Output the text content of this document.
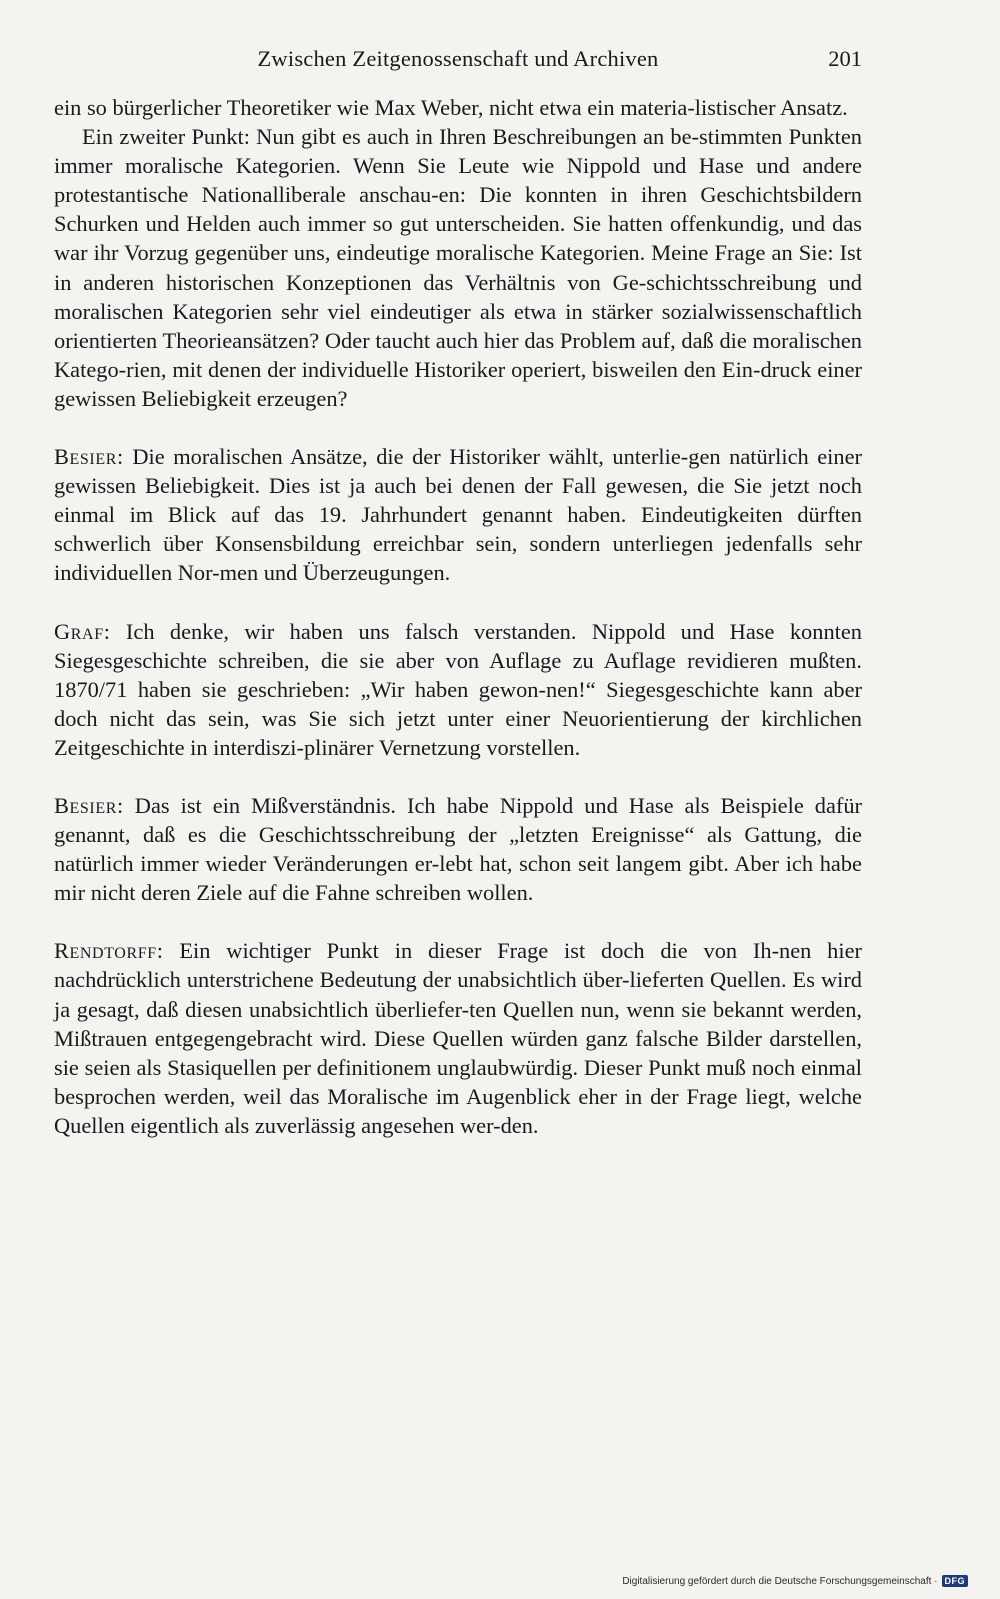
Zwischen Zeitgenossenschaft und Archiven	201

ein so bürgerlicher Theoretiker wie Max Weber, nicht etwa ein materia-listischer Ansatz.

Ein zweiter Punkt: Nun gibt es auch in Ihren Beschreibungen an be-stimmten Punkten immer moralische Kategorien. Wenn Sie Leute wie Nippold und Hase und andere protestantische Nationalliberale anschau-en: Die konnten in ihren Geschichtsbildern Schurken und Helden auch immer so gut unterscheiden. Sie hatten offenkundig, und das war ihr Vorzug gegenüber uns, eindeutige moralische Kategorien. Meine Frage an Sie: Ist in anderen historischen Konzeptionen das Verhältnis von Ge-schichtsschreibung und moralischen Kategorien sehr viel eindeutiger als etwa in stärker sozialwissenschaftlich orientierten Theorieansätzen? Oder taucht auch hier das Problem auf, daß die moralischen Katego-rien, mit denen der individuelle Historiker operiert, bisweilen den Ein-druck einer gewissen Beliebigkeit erzeugen?

Besier: Die moralischen Ansätze, die der Historiker wählt, unterlie-gen natürlich einer gewissen Beliebigkeit. Dies ist ja auch bei denen der Fall gewesen, die Sie jetzt noch einmal im Blick auf das 19. Jahrhundert genannt haben. Eindeutigkeiten dürften schwerlich über Konsensbildung erreichbar sein, sondern unterliegen jedenfalls sehr individuellen Nor-men und Überzeugungen.

Graf: Ich denke, wir haben uns falsch verstanden. Nippold und Hase konnten Siegesgeschichte schreiben, die sie aber von Auflage zu Auflage revidieren mußten. 1870/71 haben sie geschrieben: „Wir haben gewon-nen!“ Siegesgeschichte kann aber doch nicht das sein, was Sie sich jetzt unter einer Neuorientierung der kirchlichen Zeitgeschichte in interdiszi-plinärer Vernetzung vorstellen.

Besier: Das ist ein Mißverständnis. Ich habe Nippold und Hase als Beispiele dafür genannt, daß es die Geschichtsschreibung der „letzten Ereignisse“ als Gattung, die natürlich immer wieder Veränderungen er-lebt hat, schon seit langem gibt. Aber ich habe mir nicht deren Ziele auf die Fahne schreiben wollen.

Rendtorff: Ein wichtiger Punkt in dieser Frage ist doch die von Ih-nen hier nachdrücklich unterstrichene Bedeutung der unabsichtlich über-lieferten Quellen. Es wird ja gesagt, daß diesen unabsichtlich überliefer-ten Quellen nun, wenn sie bekannt werden, Mißtrauen entgegengebracht wird. Diese Quellen würden ganz falsche Bilder darstellen, sie seien als Stasiquellen per definitionem unglaubwürdig. Dieser Punkt muß noch einmal besprochen werden, weil das Moralische im Augenblick eher in der Frage liegt, welche Quellen eigentlich als zuverlässig angesehen wer-den.

Digitalisierung gefördert durch die Deutsche Forschungsgemeinschaft · DFG
